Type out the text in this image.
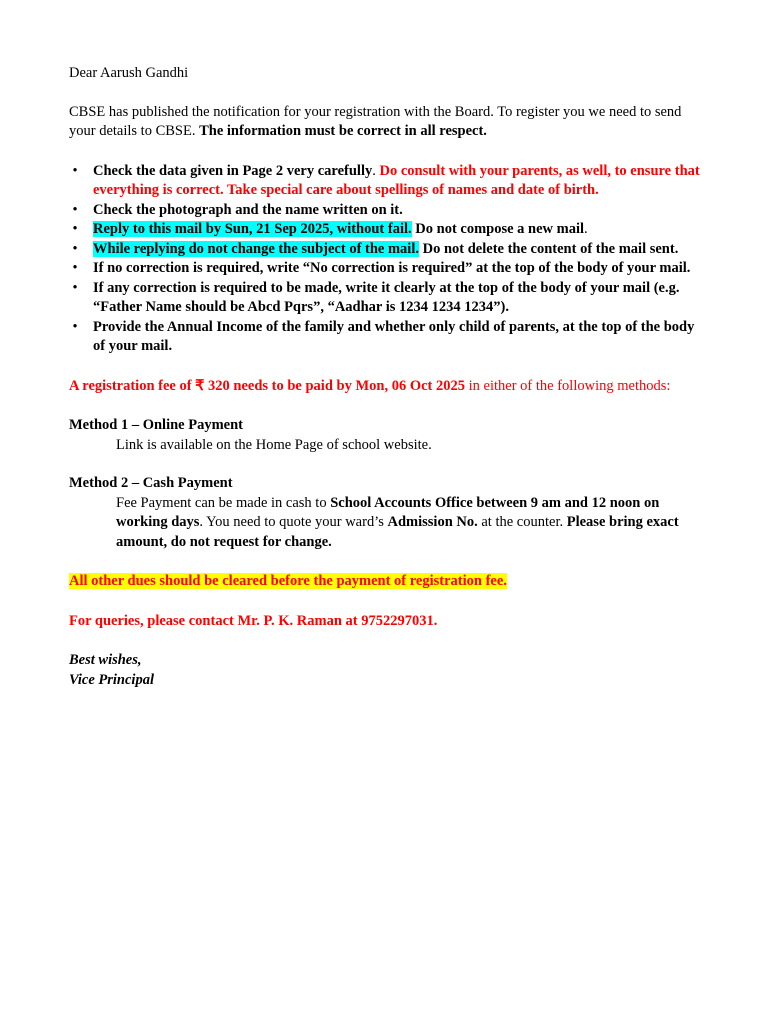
Dear Aarush Gandhi

CBSE has published the notification for your registration with the Board. To register you we need to send your details to CBSE. The information must be correct in all respect.

• Check the data given in Page 2 very carefully. Do consult with your parents, as well, to ensure that everything is correct. Take special care about spellings of names and date of birth.
• Check the photograph and the name written on it.
• Reply to this mail by Sun, 21 Sep 2025, without fail. Do not compose a new mail.
• While replying do not change the subject of the mail. Do not delete the content of the mail sent.
• If no correction is required, write “No correction is required” at the top of the body of your mail.
• If any correction is required to be made, write it clearly at the top of the body of your mail (e.g. “Father Name should be Abcd Pqrs”, “Aadhar is 1234 1234 1234”).
• Provide the Annual Income of the family and whether only child of parents, at the top of the body of your mail.

A registration fee of ₹ 320 needs to be paid by Mon, 06 Oct 2025 in either of the following methods:

Method 1 – Online Payment

Link is available on the Home Page of school website.

Method 2 – Cash Payment

Fee Payment can be made in cash to School Accounts Office between 9 am and 12 noon on working days. You need to quote your ward’s Admission No. at the counter. Please bring exact amount, do not request for change.

All other dues should be cleared before the payment of registration fee.

For queries, please contact Mr. P. K. Raman at 9752297031.

Best wishes,

Vice Principal
